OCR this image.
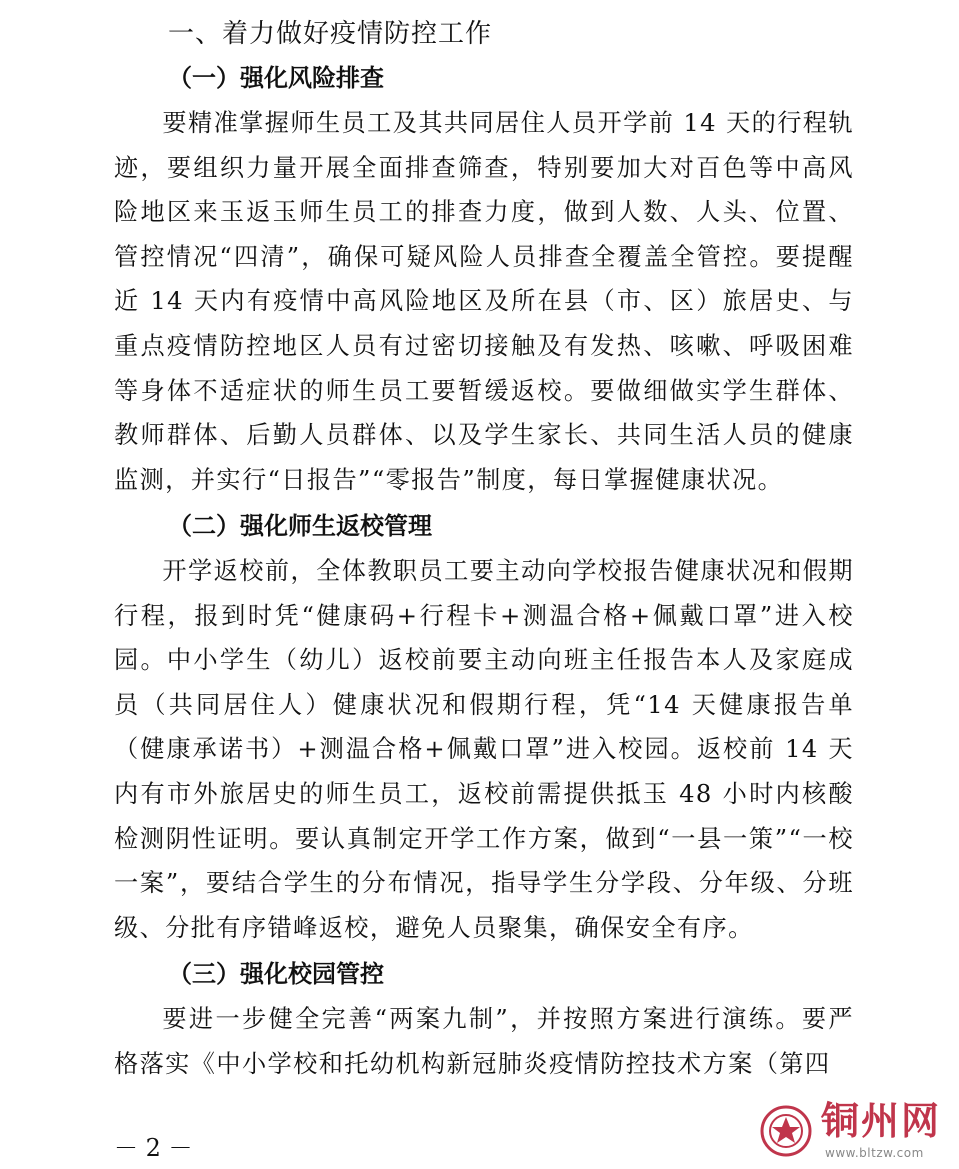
一、着力做好疫情防控工作
（一）强化风险排查

要精准掌握师生员工及其共同居住人员开学前 14 天的行程轨迹，要组织力量开展全面排查筛查，特别要加大对百色等中高风险地区来玉返玉师生员工的排查力度，做到人数、人头、位置、管控情况“四清”，确保可疑风险人员排查全覆盖全管控。要提醒近 14 天内有疫情中高风险地区及所在县（市、区）旅居史、与重点疫情防控地区人员有过密切接触及有发热、咳嗽、呼吸困难等身体不适症状的师生员工要暂缓返校。要做细做实学生群体、教师群体、后勤人员群体、以及学生家长、共同生活人员的健康监测，并实行“日报告”“零报告”制度，每日掌握健康状况。

（二）强化师生返校管理

开学返校前，全体教职员工要主动向学校报告健康状况和假期行程，报到时凭“健康码+行程卡+测温合格+佩戴口罩”进入校园。中小学生（幼儿）返校前要主动向班主任报告本人及家庭成员（共同居住人）健康状况和假期行程，凭“14 天健康报告单（健康承诺书）+测温合格+佩戴口罩”进入校园。返校前 14 天内有市外旅居史的师生员工，返校前需提供抵玉 48 小时内核酸检测阴性证明。要认真制定开学工作方案，做到“一县一策”“一校一案”，要结合学生的分布情况，指导学生分学段、分年级、分班级、分批有序错峰返校，避免人员聚集，确保安全有序。

（三）强化校园管控

要进一步健全完善“两案九制”，并按照方案进行演练。要严格落实《中小学校和托幼机构新冠肺炎疫情防控技术方案（第四

－ 2 －
铜州网
www.bltzw.com
